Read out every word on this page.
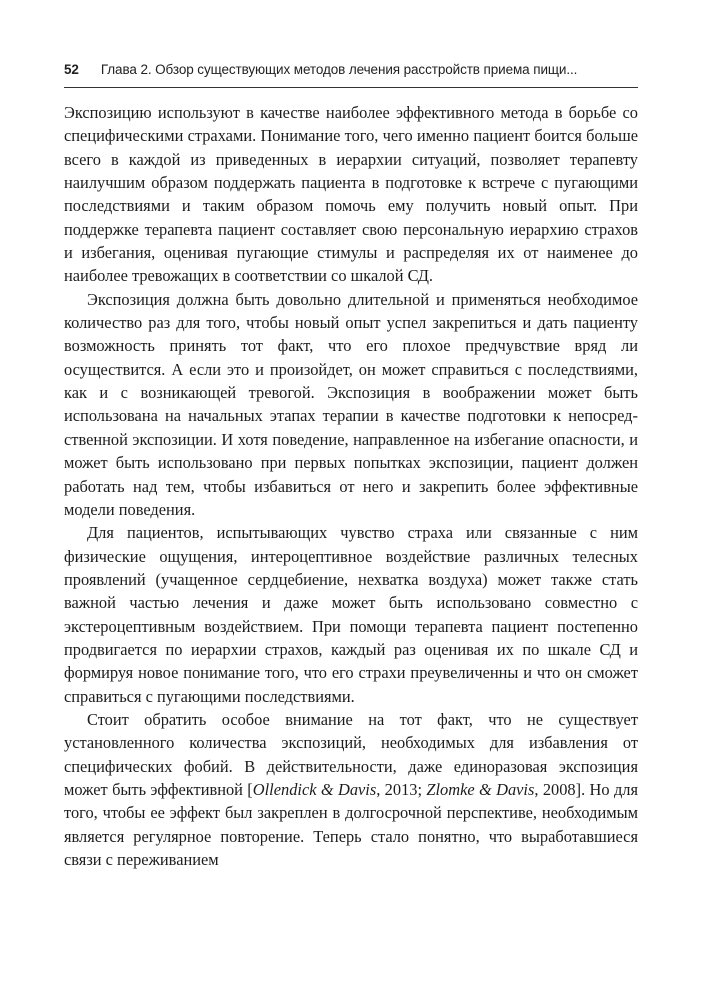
52 Глава 2. Обзор существующих методов лечения расстройств приема пищи...

Экспозицию используют в качестве наиболее эффективного метода в борьбе со специфическими страхами. Понимание того, чего именно пациент боится больше всего в каждой из приведенных в иерархии ситуаций, позволяет терапевту наилучшим образом поддержать пациента в подготовке к встрече с пугающими последствиями и таким образом помочь ему получить новый опыт. При поддержке терапевта пациент составляет свою персональную иерархию страхов и избегания, оценивая пугающие стимулы и распределяя их от наименее до наиболее тревожащих в соответствии со шкалой СД.

Экспозиция должна быть довольно длительной и применяться необходимое количество раз для того, чтобы новый опыт успел закрепиться и дать пациенту возможность принять тот факт, что его плохое предчувствие вряд ли осуществится. А если это и произойдет, он может справиться с последствиями, как и с возникающей тревогой. Экспозиция в воображении может быть использована на начальных этапах терапии в качестве подготовки к непосредственной экспозиции. И хотя поведение, направленное на избегание опасности, и может быть использовано при первых попытках экспозиции, пациент должен работать над тем, чтобы избавиться от него и закрепить более эффективные модели поведения.

Для пациентов, испытывающих чувство страха или связанные с ним физические ощущения, интероцептивное воздействие различных телесных проявлений (учащенное сердцебиение, нехватка воздуха) может также стать важной частью лечения и даже может быть использовано совместно с экстероцептивным воздействием. При помощи терапевта пациент постепенно продвигается по иерархии страхов, каждый раз оценивая их по шкале СД и формируя новое понимание того, что его страхи преувеличенны и что он сможет справиться с пугающими последствиями.

Стоит обратить особое внимание на тот факт, что не существует установленного количества экспозиций, необходимых для избавления от специфических фобий. В действительности, даже единоразовая экспозиция может быть эффективной [Ollendick & Davis, 2013; Zlomke & Davis, 2008]. Но для того, чтобы ее эффект был закреплен в долгосрочной перспективе, необходимым является регулярное повторение. Теперь стало понятно, что выработавшиеся связи с переживанием
